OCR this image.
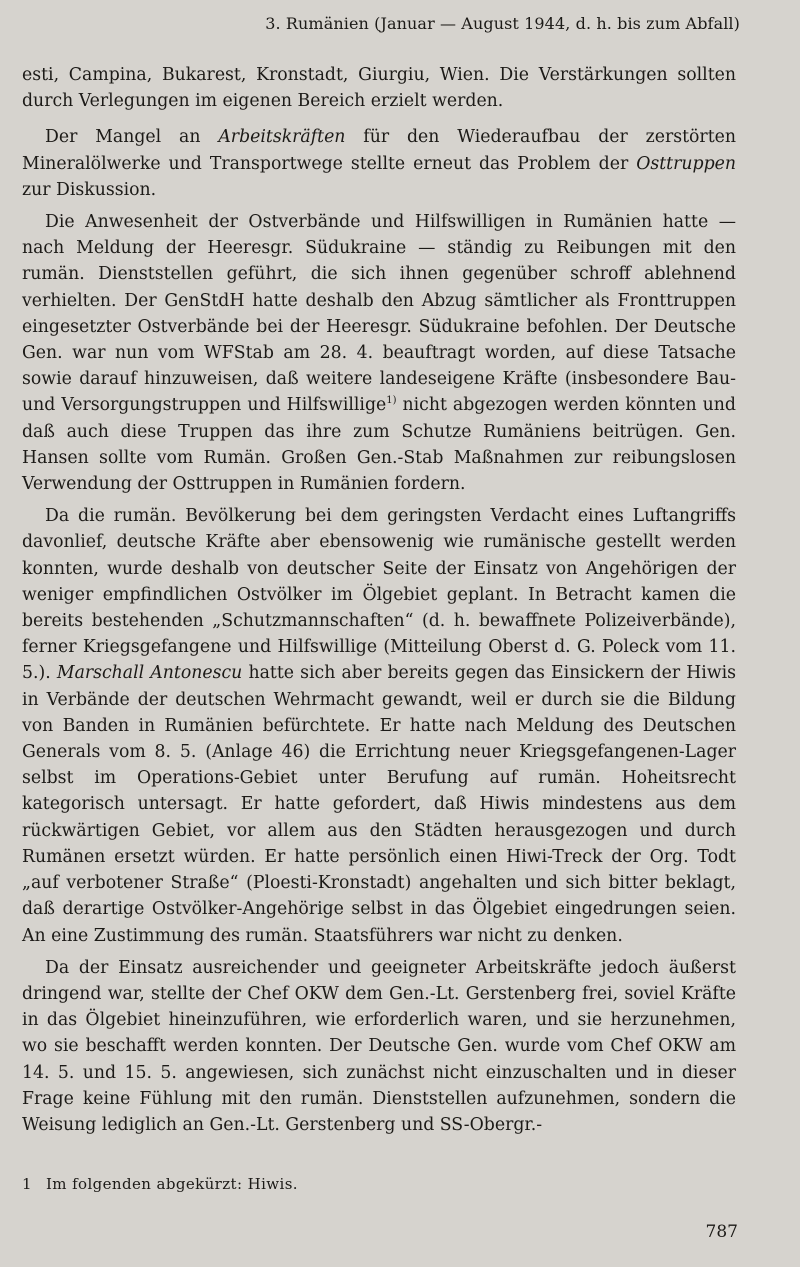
3. Rumänien (Januar — August 1944, d. h. bis zum Abfall)

esti, Campina, Bukarest, Kronstadt, Giurgiu, Wien. Die Verstärkungen sollten durch Verlegungen im eigenen Bereich erzielt werden.

Der Mangel an Arbeitskräften für den Wiederaufbau der zerstörten Mineralölwerke und Transportwege stellte erneut das Problem der Osttruppen zur Diskussion.

Die Anwesenheit der Ostverbände und Hilfswilligen in Rumänien hatte — nach Meldung der Heeresgr. Südukraine — ständig zu Reibungen mit den rumän. Dienststellen geführt, die sich ihnen gegenüber schroff ablehnend verhielten. Der GenStdH hatte deshalb den Abzug sämtlicher als Fronttruppen eingesetzter Ostverbände bei der Heeresgr. Südukraine befohlen. Der Deutsche Gen. war nun vom WFStab am 28. 4. beauftragt worden, auf diese Tatsache sowie darauf hinzuweisen, daß weitere landeseigene Kräfte (insbesondere Bau- und Versorgungstruppen und Hilfswillige$^{1)}$ nicht abgezogen werden könnten und daß auch diese Truppen das ihre zum Schutze Rumäniens beitrügen. Gen. Hansen sollte vom Rumän. Großen Gen.-Stab Maßnahmen zur reibungslosen Verwendung der Osttruppen in Rumänien fordern.

Da die rumän. Bevölkerung bei dem geringsten Verdacht eines Luftangriffs davonlief, deutsche Kräfte aber ebensowenig wie rumänische gestellt werden konnten, wurde deshalb von deutscher Seite der Einsatz von Angehörigen der weniger empfindlichen Ostvölker im Ölgebiet geplant. In Betracht kamen die bereits bestehenden „Schutzmannschaften“ (d. h. bewaffnete Polizeiverbände), ferner Kriegsgefangene und Hilfswillige (Mitteilung Oberst d. G. Poleck vom 11. 5.). Marschall Antonescu hatte sich aber bereits gegen das Einsickern der Hiwis in Verbände der deutschen Wehrmacht gewandt, weil er durch sie die Bildung von Banden in Rumänien befürchtete. Er hatte nach Meldung des Deutschen Generals vom 8. 5. (Anlage 46) die Errichtung neuer Kriegsgefangenen-Lager selbst im Operations-Gebiet unter Berufung auf rumän. Hoheitsrecht kategorisch untersagt. Er hatte gefordert, daß Hiwis mindestens aus dem rückwärtigen Gebiet, vor allem aus den Städten herausgezogen und durch Rumänen ersetzt würden. Er hatte persönlich einen Hiwi-Treck der Org. Todt „auf verbotener Straße“ (Ploesti-Kronstadt) angehalten und sich bitter beklagt, daß derartige Ostvölker-Angehörige selbst in das Ölgebiet eingedrungen seien. An eine Zustimmung des rumän. Staatsführers war nicht zu denken.

Da der Einsatz ausreichender und geeigneter Arbeitskräfte jedoch äußerst dringend war, stellte der Chef OKW dem Gen.-Lt. Gerstenberg frei, soviel Kräfte in das Ölgebiet hineinzuführen, wie erforderlich waren, und sie herzunehmen, wo sie beschafft werden konnten. Der Deutsche Gen. wurde vom Chef OKW am 14. 5. und 15. 5. angewiesen, sich zunächst nicht einzuschalten und in dieser Frage keine Fühlung mit den rumän. Dienststellen aufzunehmen, sondern die Weisung lediglich an Gen.-Lt. Gerstenberg und SS-Obergr.-

1 Im folgenden abgekürzt: Hiwis.
787
